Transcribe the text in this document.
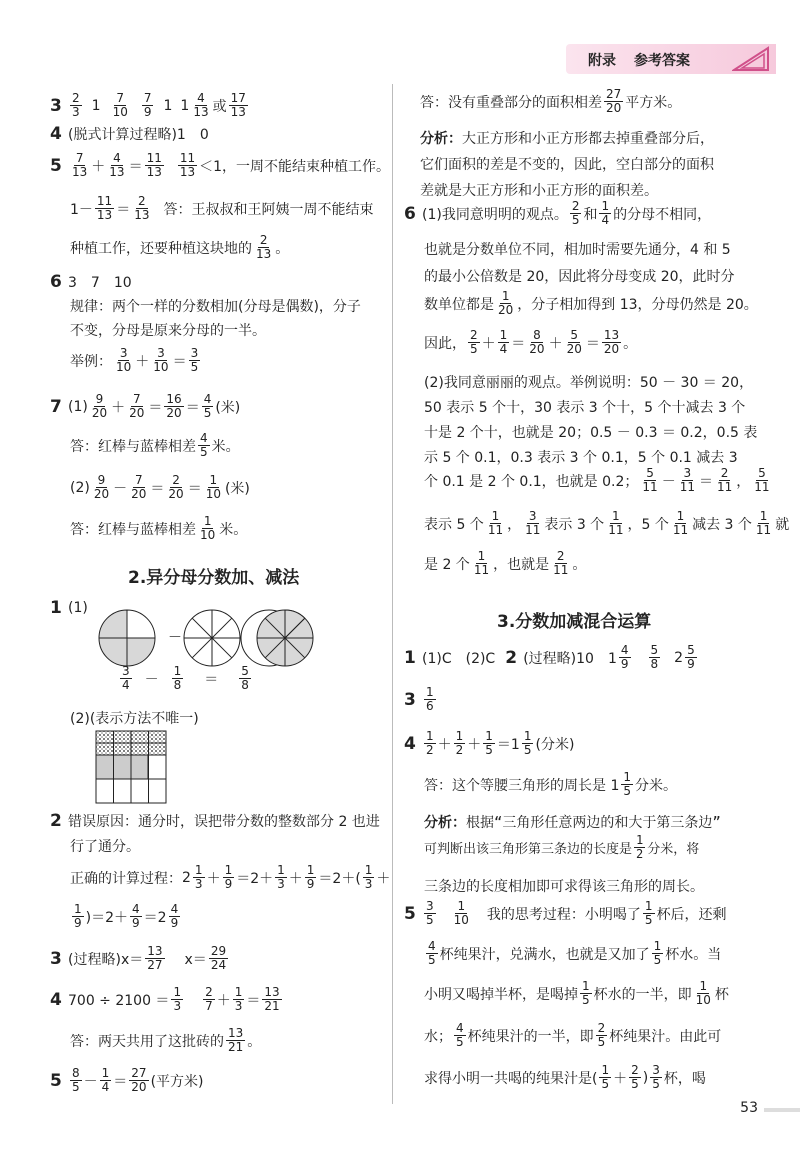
附录 参考答案
$3 \frac{2}{3} 1 \frac{7}{10} \frac{7}{9} 1$ $1 \frac{4}{13}$ 或 $\frac{17}{13}$
4 (脱式计算过程略)1　0
$5 \frac{7}{13} + \frac{4}{13} = \frac{11}{13} \frac{11}{13} <1$，一周不能结束种植工作。
$1- \frac{11}{13} = \frac{2}{13}$ 答：王叔叔和王阿姨一周不能结束
种植工作，还要种植这块地的 $\frac{2}{13}$ 。
6 3　7　10
规律：两个一样的分数相加(分母是偶数)，分子
不变，分母是原来分母的一半。
举例： $\frac{3}{10} + \frac{3}{10} = \frac{3}{5}$
7 $(1) \frac{9}{20} + \frac{7}{20} = \frac{16}{20} = \frac{4}{5}$ (米)
答：红棒与蓝棒相差 $\frac{4}{5}$ 米。
$(2) \frac{9}{20} - \frac{7}{20} = \frac{2}{20} = \frac{1}{10}$ (米)
答：红棒与蓝棒相差 $\frac{1}{10}$ 米。
2.异分母分数加、减法
1 (1)
－
$\frac{3}{4}$ －	$\frac{1}{8}$	＝	$\frac{5}{8}$
(2)(表示方法不唯一)
2 错误原因：通分时，误把带分数的整数部分 2 也进
行了通分。
正确的计算过程： $2 \frac{1}{3} + \frac{1}{9} =2+ \frac{1}{3} + \frac{1}{9} =2+( \frac{1}{3}$ ＋
$\frac{1}{9} )=2+ \frac{4}{9} =2 \frac{4}{9}$
3 (过程略) $x= \frac{13}{27} x= \frac{29}{24}$
4 $700 \div 2100 = \frac{1}{3} \frac{2}{7} + \frac{1}{3} = \frac{13}{21}$
答：两天共用了这批砖的 $\frac{13}{21}$ 。
$5 \frac{8}{5} - \frac{1}{4} = \frac{27}{20}$ (平方米)
答：没有重叠部分的面积相差 $\frac{27}{20}$ 平方米。
分析：大正方形和小正方形都去掉重叠部分后，
它们面积的差是不变的，因此，空白部分的面积
差就是大正方形和小正方形的面积差。
6 (1)我同意明明的观点。 $\frac{2}{5}$ 和 $\frac{1}{4}$ 的分母不相同，
也就是分数单位不同，相加时需要先通分，4 和 5
的最小公倍数是 20，因此将分母变成 20，此时分
数单位都是 $\frac{1}{20}$ ，分子相加得到 13，分母仍然是 20。
因此， $\frac{2}{5} + \frac{1}{4} = \frac{8}{20} + \frac{5}{20} = \frac{13}{20}$ 。
(2)我同意丽丽的观点。举例说明：50 － 30 ＝ 20，
50 表示 5 个十，30 表示 3 个十，5 个十减去 3 个
十是 2 个十，也就是 20；0.5 － 0.3 ＝ 0.2，0.5 表
示 5 个 0.1，0.3 表示 3 个 0.1，5 个 0.1 减去 3
个 0.1 是 2 个 0.1，也就是 0.2； $\frac{5}{11} - \frac{3}{11} = \frac{2}{11}$ ， $\frac{5}{11}$
表示 5 个 $\frac{1}{11}$ ， $\frac{3}{11}$ 表示 3 个 $\frac{1}{11}$ ，5 个 $\frac{1}{11}$ 减去 3 个 $\frac{1}{11}$ 就
是 2 个 $\frac{1}{11}$ ，也就是 $\frac{2}{11}$ 。
3.分数加减混合运算
1 (1)C　(2)C 2 (过程略)10　$1 \frac{4}{9} \frac{5}{8} 2 \frac{5}{9}$
$3 \frac{1}{6}$
$4 \frac{1}{2} + \frac{1}{2} + \frac{1}{5} =1 \frac{1}{5}$ (分米)
答：这个等腰三角形的周长是 $1 \frac{1}{5}$ 分米。
分析：根据“三角形任意两边的和大于第三条边”
可判断出该三角形第三条边的长度是 $\frac{1}{2}$ 分米，将
三条边的长度相加即可求得该三角形的周长。
$5 \frac{3}{5} \frac{1}{10}$ 我的思考过程：小明喝了 $\frac{1}{5}$ 杯后，还剩
$\frac{4}{5}$ 杯纯果汁，兑满水，也就是又加了 $\frac{1}{5}$ 杯水。当
小明又喝掉半杯，是喝掉 $\frac{1}{5}$ 杯水的一半，即 $\frac{1}{10}$ 杯
水； $\frac{4}{5}$ 杯纯果汁的一半，即 $\frac{2}{5}$ 杯纯果汁。由此可
求得小明一共喝的纯果汁是( $\frac{1}{5} + \frac{2}{5}$ ) $\frac{3}{5}$ 杯，喝
53
